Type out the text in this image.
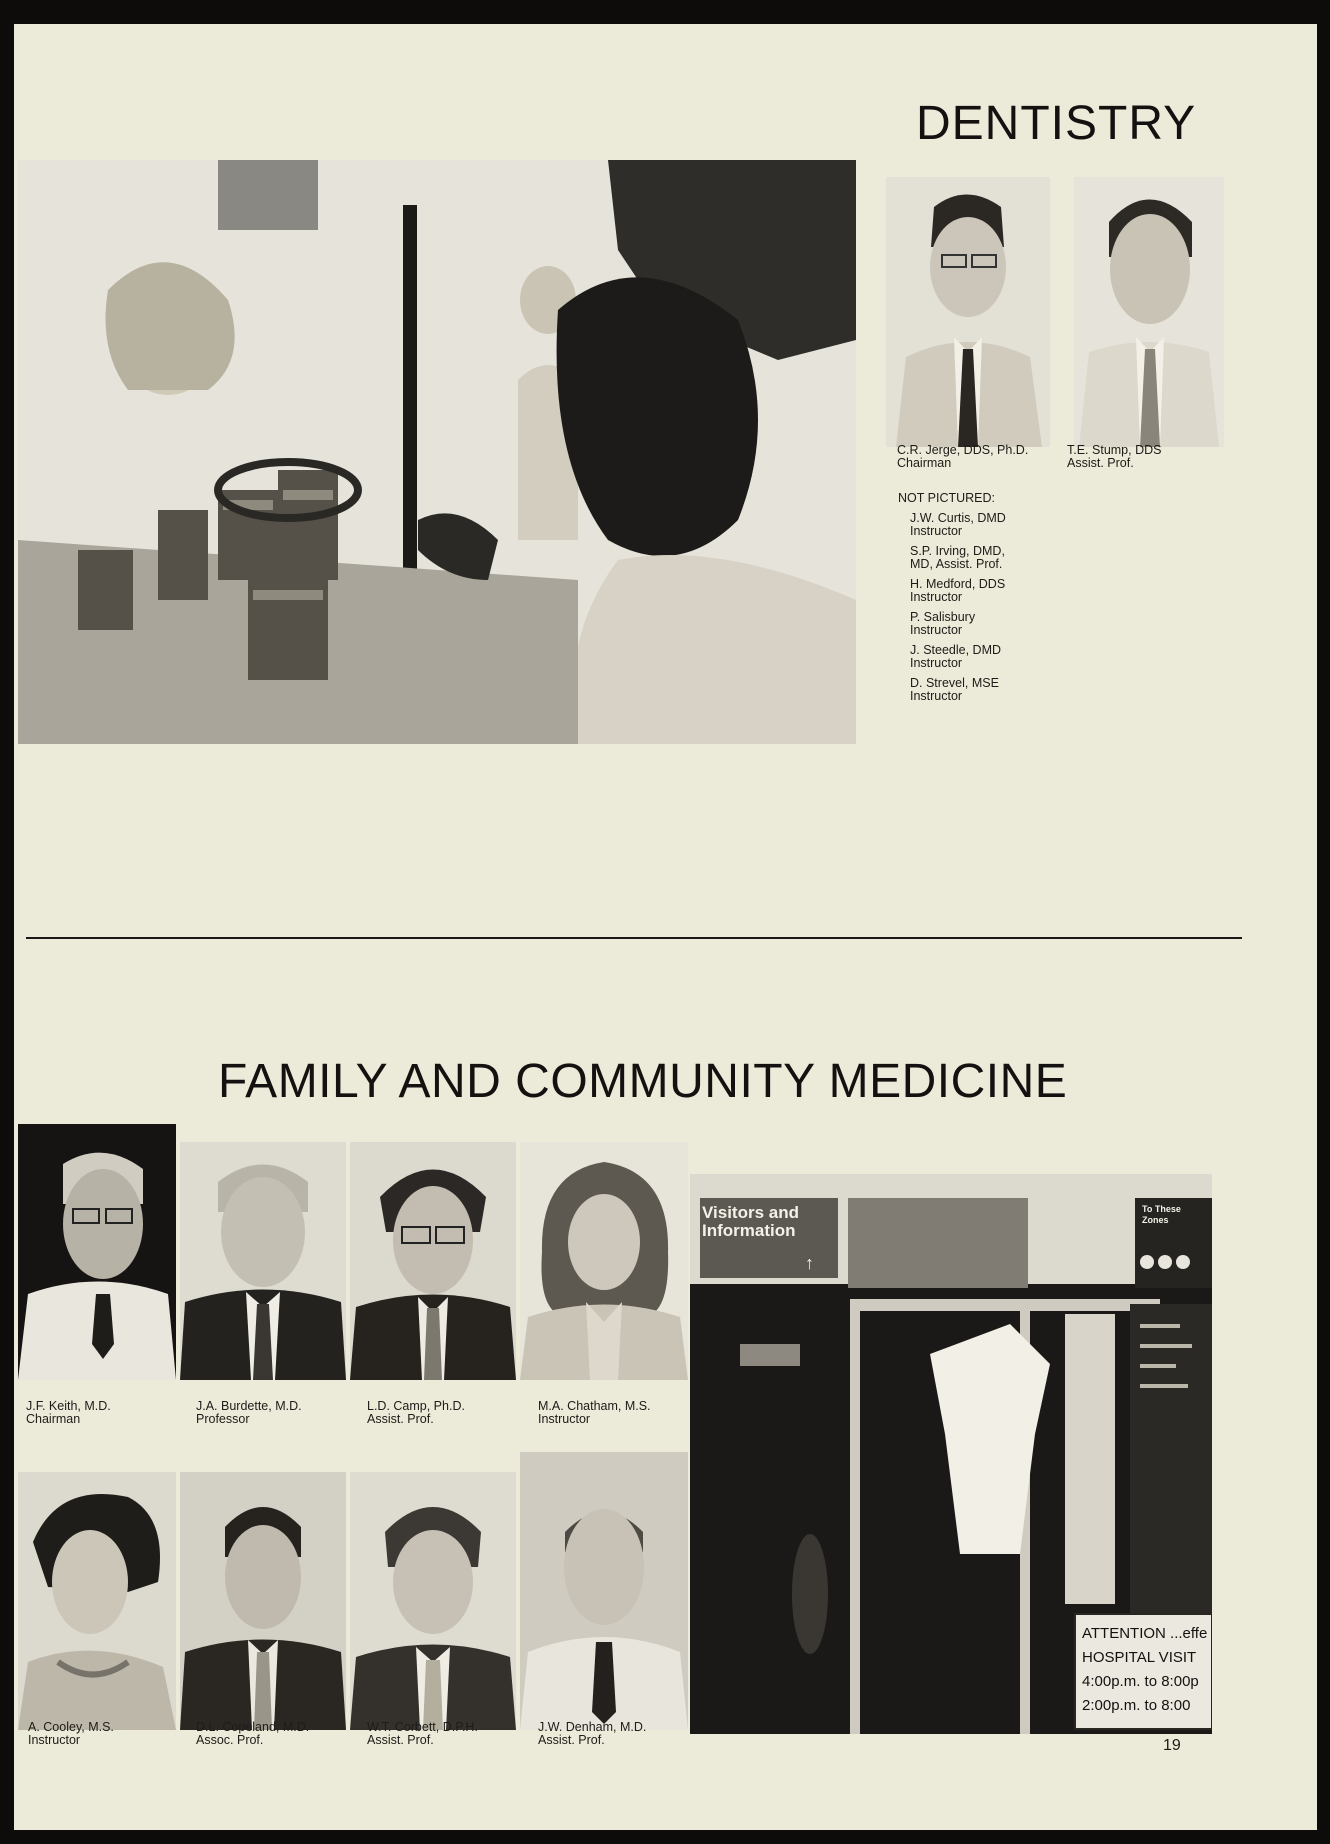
DENTISTRY
C.R. Jerge, DDS, Ph.D.
Chairman
T.E. Stump, DDS
Assist. Prof.
NOT PICTURED:
J.W. Curtis, DMD
Instructor
S.P. Irving, DMD,
MD, Assist. Prof.
H. Medford, DDS
Instructor
P. Salisbury
Instructor
J. Steedle, DMD
Instructor
D. Strevel, MSE
Instructor
FAMILY AND COMMUNITY MEDICINE
J.F. Keith, M.D.
Chairman
J.A. Burdette, M.D.
Professor
L.D. Camp, Ph.D.
Assist. Prof.
M.A. Chatham, M.S.
Instructor
A. Cooley, M.S.
Instructor
D.L. Copeland, M.D.
Assoc. Prof.
W.T. Corbett, D.P.H.
Assist. Prof.
J.W. Denham, M.D.
Assist. Prof.
Visitors and Information
To These Zones
↑
ATTENTION ...effe
HOSPITAL VISIT
4:00p.m. to 8:00p
2:00p.m. to 8:00
19
